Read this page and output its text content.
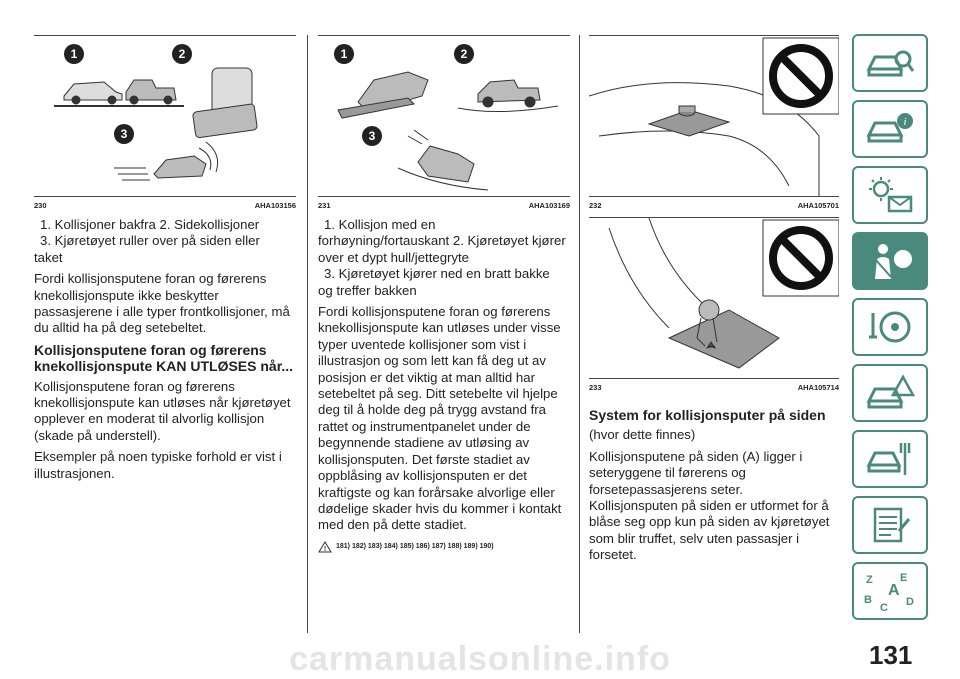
1	2
3
230	AHA103156
1. Kollisjoner bakfra 2. Sidekollisjoner
3. Kjøretøyet ruller over på siden eller
taket

Fordi kollisjonsputene foran og førerens knekollisjonspute ikke beskytter passasjerene i alle typer frontkollisjoner, må du alltid ha på deg setebeltet.

Kollisjonsputene foran og førerens knekollisjonspute KAN UTLØSES når...

Kollisjonsputene foran og førerens knekollisjonspute kan utløses når kjøretøyet opplever en moderat til alvorlig kollisjon (skade på understell).

Eksempler på noen typiske forhold er vist i illustrasjonen.

1	2
3
231	AHA103169
1. Kollisjon med en
forhøyning/fortauskant 2. Kjøretøyet kjører over et dypt hull/jettegryte
3. Kjøretøyet kjører ned en bratt bakke
og treffer bakken

Fordi kollisjonsputene foran og førerens knekollisjonspute kan utløses under visse typer uventede kollisjoner som vist i illustrasjon og som lett kan få deg ut av posisjon er det viktig at man alltid har setebeltet på seg. Ditt setebelte vil hjelpe deg til å holde deg på trygg avstand fra rattet og instrumentpanelet under de begynnende stadiene av utløsing av kollisjonsputen. Det første stadiet av oppblåsing av kollisjonsputen er det kraftigste og kan forårsake alvorlige eller dødelige skader hvis du kommer i kontakt med den på dette stadiet.

! 181) 182) 183) 184) 185) 186) 187) 188) 189) 190)
232	AHA105701
233	AHA105714
System for kollisjonsputer på siden

(hvor dette finnes)

Kollisjonsputene på siden (A) ligger i seteryggene til førerens og forsetepassasjerens seter.

Kollisjonsputen på siden er utformet for å blåse seg opp kun på siden av kjøretøyet som blir truffet, selv uten passasjer i forsetet.

i
Z E
A
B
C D
carmanualsonline.info	131
